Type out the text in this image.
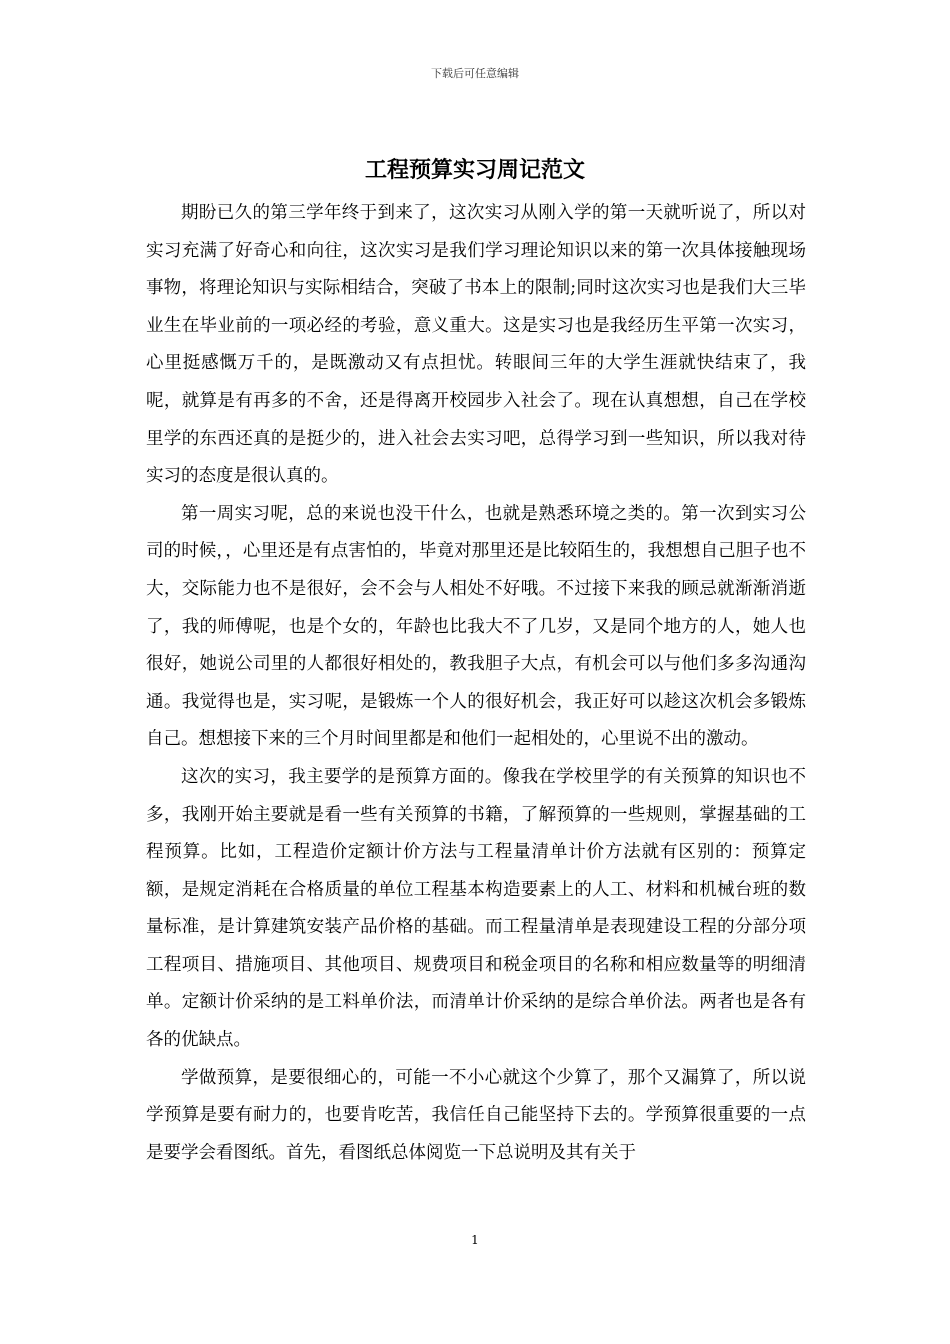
下载后可任意编辑
工程预算实习周记范文

期盼已久的第三学年终于到来了，这次实习从刚入学的第一天就听说了，所以对实习充满了好奇心和向往，这次实习是我们学习理论知识以来的第一次具体接触现场事物，将理论知识与实际相结合，突破了书本上的限制;同时这次实习也是我们大三毕业生在毕业前的一项必经的考验，意义重大。这是实习也是我经历生平第一次实习，心里挺感慨万千的，是既激动又有点担忧。转眼间三年的大学生涯就快结束了，我呢，就算是有再多的不舍，还是得离开校园步入社会了。现在认真想想，自己在学校里学的东西还真的是挺少的，进入社会去实习吧，总得学习到一些知识，所以我对待实习的态度是很认真的。

第一周实习呢，总的来说也没干什么，也就是熟悉环境之类的。第一次到实习公司的时候，，心里还是有点害怕的，毕竟对那里还是比较陌生的，我想想自己胆子也不大，交际能力也不是很好，会不会与人相处不好哦。不过接下来我的顾忌就渐渐消逝了，我的师傅呢，也是个女的，年龄也比我大不了几岁，又是同个地方的人，她人也很好，她说公司里的人都很好相处的，教我胆子大点，有机会可以与他们多多沟通沟通。我觉得也是，实习呢，是锻炼一个人的很好机会，我正好可以趁这次机会多锻炼自己。想想接下来的三个月时间里都是和他们一起相处的，心里说不出的激动。

这次的实习，我主要学的是预算方面的。像我在学校里学的有关预算的知识也不多，我刚开始主要就是看一些有关预算的书籍，了解预算的一些规则，掌握基础的工程预算。比如，工程造价定额计价方法与工程量清单计价方法就有区别的：预算定额，是规定消耗在合格质量的单位工程基本构造要素上的人工、材料和机械台班的数量标准，是计算建筑安装产品价格的基础。而工程量清单是表现建设工程的分部分项工程项目、措施项目、其他项目、规费项目和税金项目的名称和相应数量等的明细清单。定额计价采纳的是工料单价法，而清单计价采纳的是综合单价法。两者也是各有各的优缺点。

学做预算，是要很细心的，可能一不小心就这个少算了，那个又漏算了，所以说学预算是要有耐力的，也要肯吃苦，我信任自己能坚持下去的。学预算很重要的一点是要学会看图纸。首先，看图纸总体阅览一下总说明及其有关于

1
